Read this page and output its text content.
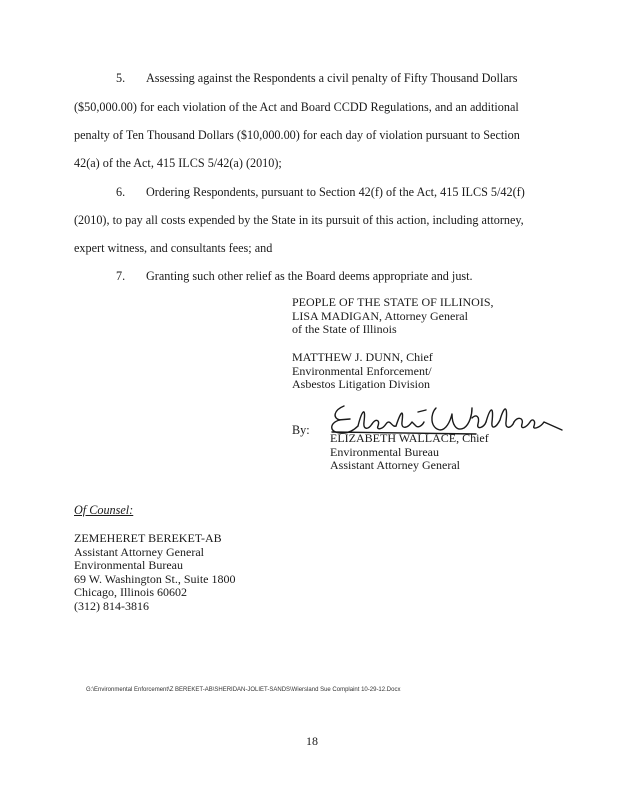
5. Assessing against the Respondents a civil penalty of Fifty Thousand Dollars
($50,000.00) for each violation of the Act and Board CCDD Regulations, and an additional
penalty of Ten Thousand Dollars ($10,000.00) for each day of violation pursuant to Section
42(a) of the Act, 415 ILCS 5/42(a) (2010);
6. Ordering Respondents, pursuant to Section 42(f) of the Act, 415 ILCS 5/42(f)
(2010), to pay all costs expended by the State in its pursuit of this action, including attorney,
expert witness, and consultants fees; and
7. Granting such other relief as the Board deems appropriate and just.
PEOPLE OF THE STATE OF ILLINOIS,
LISA MADIGAN, Attorney General
of the State of Illinois
MATTHEW J. DUNN, Chief
Environmental Enforcement/
Asbestos Litigation Division
By:
ELIZABETH WALLACE, Chief
Environmental Bureau
Assistant Attorney General
Of Counsel:
ZEMEHERET BEREKET-AB
Assistant Attorney General
Environmental Bureau
69 W. Washington St., Suite 1800
Chicago, Illinois 60602
(312) 814-3816
G:\Environmental Enforcement\Z BEREKET-AB\SHERIDAN-JOLIET-SANDS\Wiersland Sue Complaint 10-29-12.Docx
18
